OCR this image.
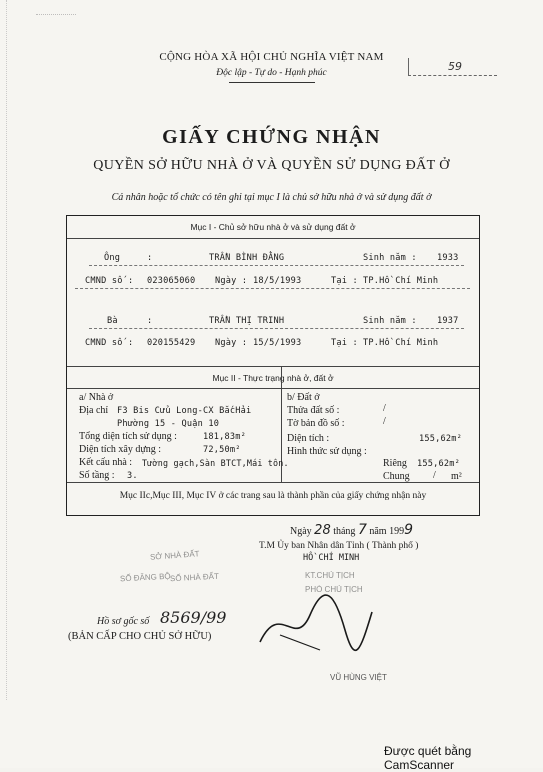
CỘNG HÒA XÃ HỘI CHỦ NGHĨA VIỆT NAM
Độc lập - Tự do - Hạnh phúc	59
GIẤY CHỨNG NHẬN
QUYỀN SỞ HỮU NHÀ Ở VÀ QUYỀN SỬ DỤNG ĐẤT Ở
Cá nhân hoặc tổ chức có tên ghi tại mục I là chủ sở hữu nhà ở và sử dụng đất ở
Mục I - Chủ sở hữu nhà ở và sử dụng đất ở
Ông	:	TRẦN BÌNH ĐẰNG	Sinh năm : 1933
CMND số : 023065060 Ngày : 18/5/1993	Tại : TP.Hồ Chí Minh
Bà	:	TRẦN THỊ TRINH	Sinh năm : 1937
CMND số : 020155429 Ngày : 15/5/1993	Tại : TP.Hồ Chí Minh
Mục II - Thực trạng nhà ở, đất ở
a/ Nhà ở
Địa chỉ F3 Bis Cửu Long-CX BắcHải
Phường 15 - Quận 10
Tổng diện tích sử dụng :	181,83m²
Diện tích xây dựng :	72,50m²
Kết cấu nhà : Tường gạch,Sàn BTCT,Mái tôn.
Số tầng : 3.
b/ Đất ở
Thửa đất số :	/
Tờ bản đồ số :	/
Diện tích :	155,62m²
Hình thức sử dụng :
Riêng 155,62m²
Chung / m²
Mục IIc,Mục III, Mục IV ở các trang sau là thành phần của giấy chứng nhận này
Ngày 28 tháng 7 năm 1999
T.M Ủy ban Nhân dân Tỉnh ( Thành phố )
HỒ CHÍ MINH
KT.CHỦ TỊCH
PHÓ CHỦ TỊCH
SỞ NHÀ ĐẤT
SỐ ĐĂNG BỘ
SỐ NHÀ ĐẤT
Hồ sơ gốc số 8569/99
(BẢN CẤP CHO CHỦ SỞ HỮU)
VŨ HÙNG VIỆT
Được quét bằng CamScanner
